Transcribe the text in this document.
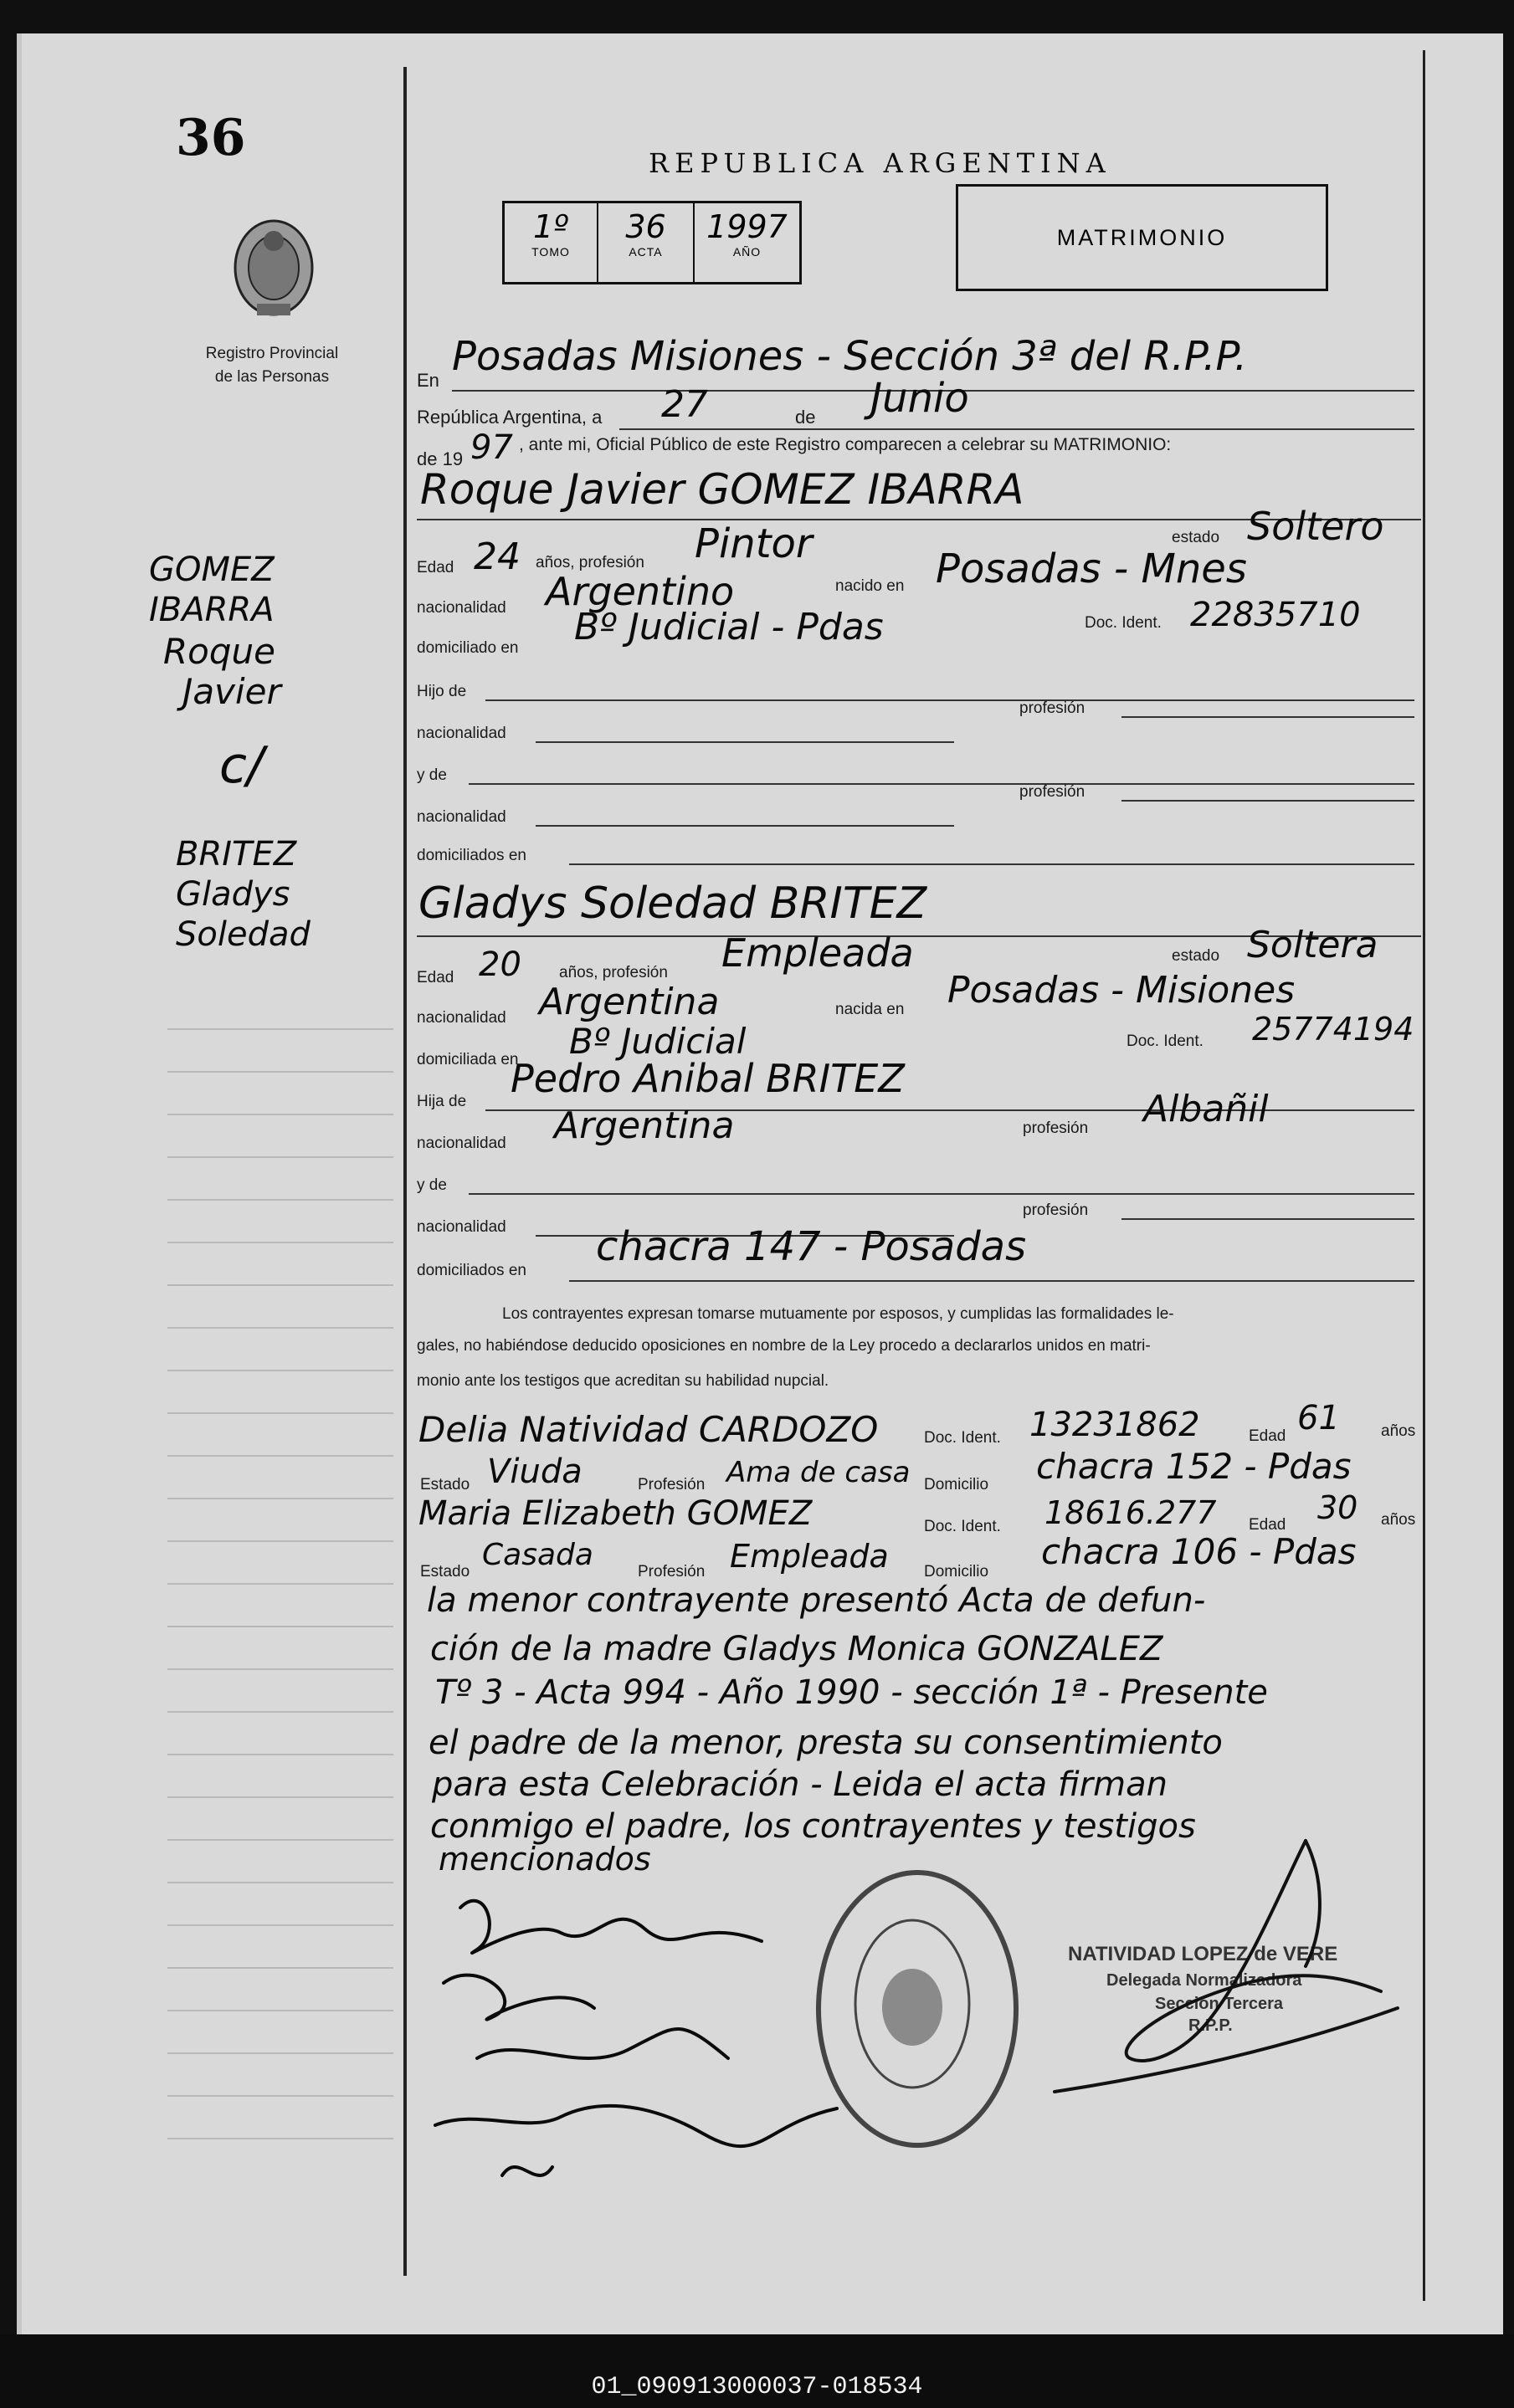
36
Registro Provincial
de las Personas
REPUBLICA ARGENTINA
1º
TOMO
36
ACTA
1997
AÑO
MATRIMONIO
GOMEZ
IBARRA
Roque
Javier
c/
BRITEZ
Gladys
Soledad
En
Posadas Misiones - Sección 3ª del R.P.P.
República Argentina, a 27	de Junio
de 19 97 , ante mi, Oficial Público de este Registro comparecen a celebrar su MATRIMONIO:
Roque Javier GOMEZ IBARRA
Edad 24 años, profesión Pintor	estado Soltero
nacionalidad Argentino	nacido en Posadas - Mnes
domiciliado en Bº Judicial - Pdas	Doc. Ident. 22835710
Hijo de
nacionalidad
profesión
y de
nacionalidad
profesión
domiciliados en
Gladys Soledad BRITEZ
Edad 20 años, profesión Empleada	estado Soltera
nacionalidad Argentina	nacida en Posadas - Misiones
domiciliada en Bº Judicial	Doc. Ident. 25774194
Hija de
Pedro Anibal BRITEZ
nacionalidad Argentina	profesión Albañil
y de
nacionalidad
profesión
domiciliados en
chacra 147 - Posadas
Los contrayentes expresan tomarse mutuamente por esposos, y cumplidas las formalidades le-
gales, no habiéndose deducido oposiciones en nombre de la Ley procedo a declararlos unidos en matri-
monio ante los testigos que acreditan su habilidad nupcial.
Delia Natividad CARDOZO	Doc. Ident. 13231862	Edad 61	años
Estado Viuda	Profesión Ama de casa Domicilio chacra 152 - Pdas
Maria Elizabeth GOMEZ	Doc. Ident. 18616.277 Edad 30 años
Estado Casada	Profesión Empleada Domicilio chacra 106 - Pdas
la menor contrayente presentó Acta de defun-
ción de la madre Gladys Monica GONZALEZ
Tº 3 - Acta 994 - Año 1990 - sección 1ª - Presente
el padre de la menor, presta su consentimiento
para esta Celebración - Leida el acta firman
conmigo el padre, los contrayentes y testigos
mencionados
NATIVIDAD LOPEZ de VERE
Delegada Normalizadora
Sección Tercera
R.P.P.
01_090913000037-018534
